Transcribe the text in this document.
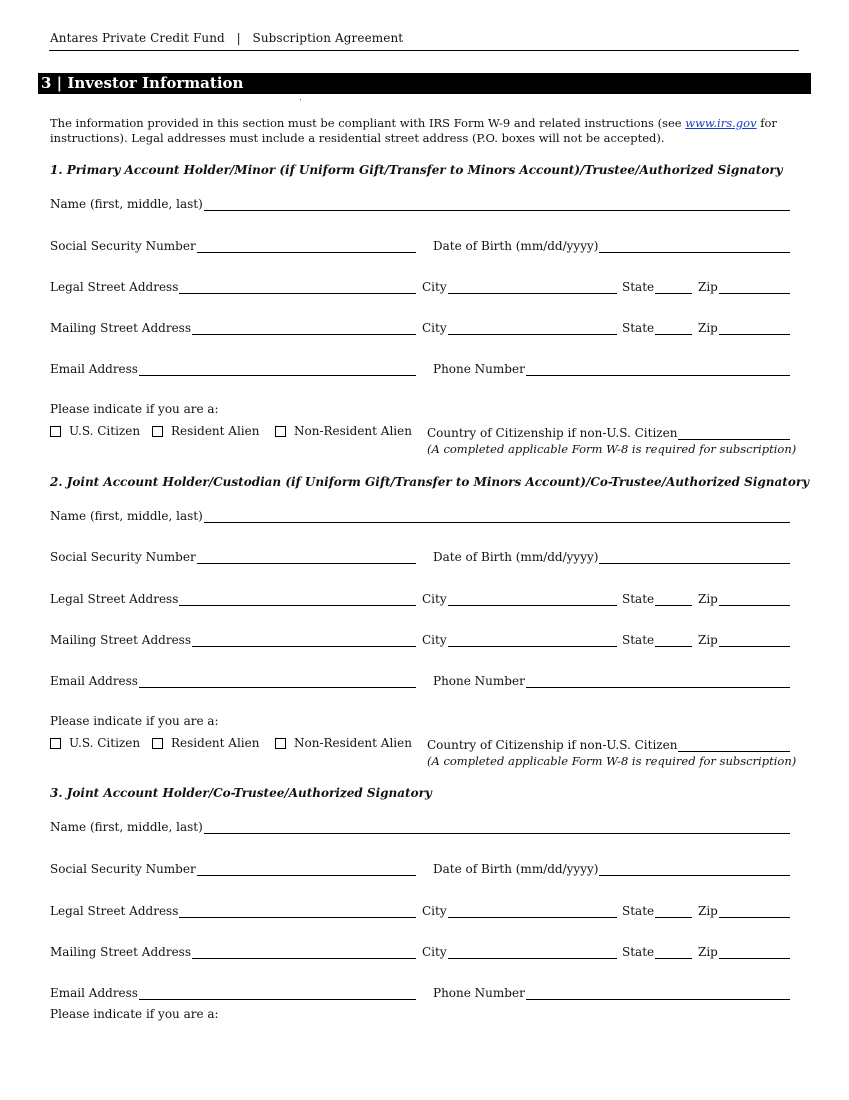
Antares Private Credit Fund | Subscription Agreement
3 | Investor Information
The information provided in this section must be compliant with IRS Form W-9 and related instructions (see www.irs.gov for instructions). Legal addresses must include a residential street address (P.O. boxes will not be accepted).
1. Primary Account Holder/Minor (if Uniform Gift/Transfer to Minors Account)/Trustee/Authorized Signatory
Name (first, middle, last)
Social Security Number	Date of Birth (mm/dd/yyyy)
Legal Street Address	City	State	Zip
Mailing Street Address	City	State	Zip
Email Address	Phone Number
Please indicate if you are a:
U.S. Citizen	Resident Alien	Non-Resident Alien Country of Citizenship if non-U.S. Citizen
(A completed applicable Form W-8 is required for subscription)
2. Joint Account Holder/Custodian (if Uniform Gift/Transfer to Minors Account)/Co-Trustee/Authorized Signatory
Name (first, middle, last)
Social Security Number	Date of Birth (mm/dd/yyyy)
Legal Street Address	City	State	Zip
Mailing Street Address	City	State	Zip
Email Address	Phone Number
Please indicate if you are a:
U.S. Citizen	Resident Alien	Non-Resident Alien Country of Citizenship if non-U.S. Citizen
(A completed applicable Form W-8 is required for subscription)
3. Joint Account Holder/Co-Trustee/Authorized Signatory
Name (first, middle, last)
Social Security Number	Date of Birth (mm/dd/yyyy)
Legal Street Address	City	State	Zip
Mailing Street Address	City	State	Zip
Email Address	Phone Number
Please indicate if you are a:
